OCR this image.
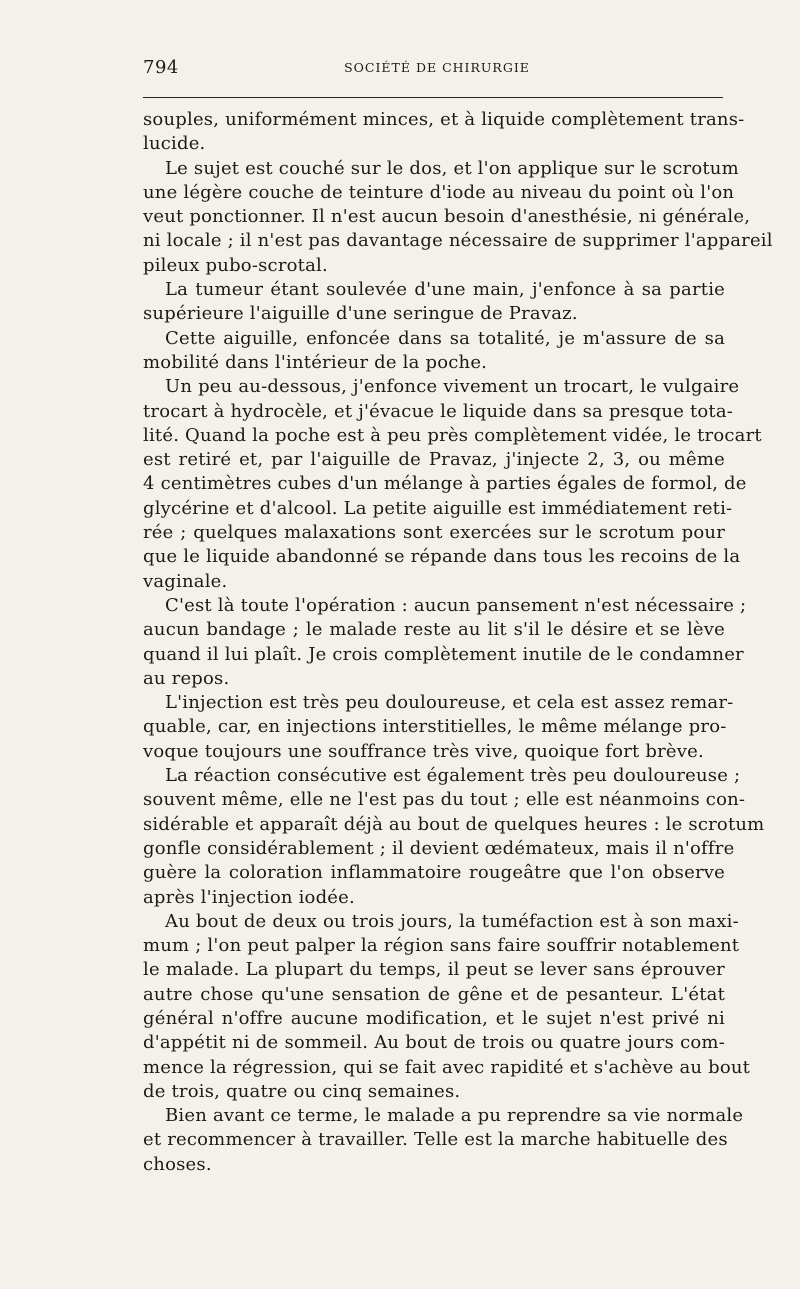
794	SOCIÉTÉ DE CHIRURGIE
souples, uniformément minces, et à liquide complètement trans-
lucide.
Le sujet est couché sur le dos, et l'on applique sur le scrotum
une légère couche de teinture d'iode au niveau du point où l'on
veut ponctionner. Il n'est aucun besoin d'anesthésie, ni générale,
ni locale ; il n'est pas davantage nécessaire de supprimer l'appareil
pileux pubo-scrotal.
La tumeur étant soulevée d'une main, j'enfonce à sa partie
supérieure l'aiguille d'une seringue de Pravaz.
Cette aiguille, enfoncée dans sa totalité, je m'assure de sa
mobilité dans l'intérieur de la poche.
Un peu au-dessous, j'enfonce vivement un trocart, le vulgaire
trocart à hydrocèle, et j'évacue le liquide dans sa presque tota-
lité. Quand la poche est à peu près complètement vidée, le trocart
est retiré et, par l'aiguille de Pravaz, j'injecte 2, 3, ou même
4 centimètres cubes d'un mélange à parties égales de formol, de
glycérine et d'alcool. La petite aiguille est immédiatement reti-
rée ; quelques malaxations sont exercées sur le scrotum pour
que le liquide abandonné se répande dans tous les recoins de la
vaginale.
C'est là toute l'opération : aucun pansement n'est nécessaire ;
aucun bandage ; le malade reste au lit s'il le désire et se lève
quand il lui plaît. Je crois complètement inutile de le condamner
au repos.
L'injection est très peu douloureuse, et cela est assez remar-
quable, car, en injections interstitielles, le même mélange pro-
voque toujours une souffrance très vive, quoique fort brève.
La réaction consécutive est également très peu douloureuse ;
souvent même, elle ne l'est pas du tout ; elle est néanmoins con-
sidérable et apparaît déjà au bout de quelques heures : le scrotum
gonfle considérablement ; il devient œdémateux, mais il n'offre
guère la coloration inflammatoire rougeâtre que l'on observe
après l'injection iodée.
Au bout de deux ou trois jours, la tuméfaction est à son maxi-
mum ; l'on peut palper la région sans faire souffrir notablement
le malade. La plupart du temps, il peut se lever sans éprouver
autre chose qu'une sensation de gêne et de pesanteur. L'état
général n'offre aucune modification, et le sujet n'est privé ni
d'appétit ni de sommeil. Au bout de trois ou quatre jours com-
mence la régression, qui se fait avec rapidité et s'achève au bout
de trois, quatre ou cinq semaines.
Bien avant ce terme, le malade a pu reprendre sa vie normale
et recommencer à travailler. Telle est la marche habituelle des
choses.
